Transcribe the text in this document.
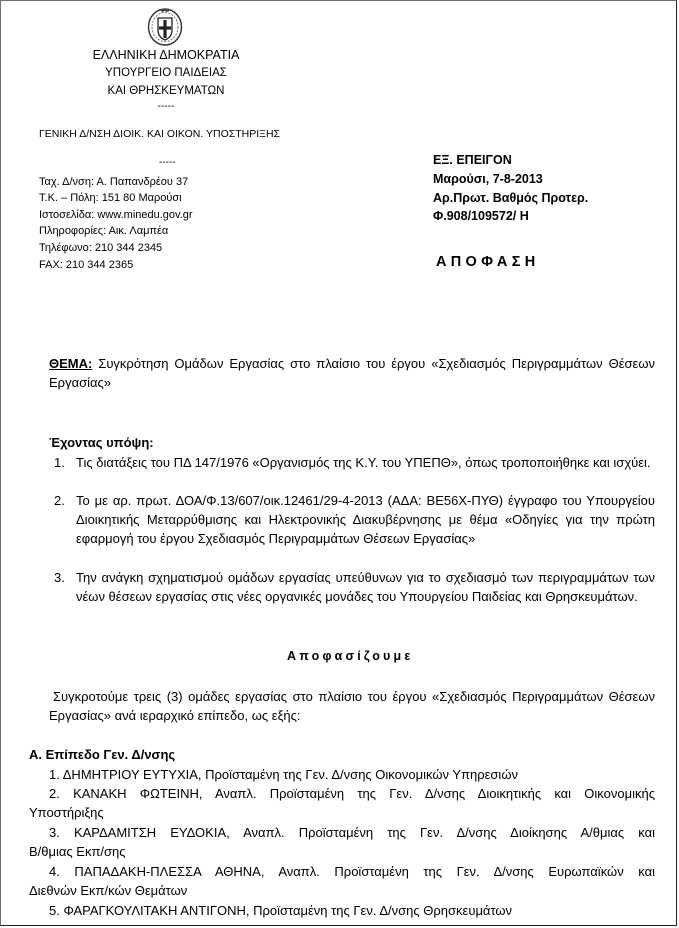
ΕΛΛΗΝΙΚΗ ΔΗΜΟΚΡΑΤΙΑ
ΥΠΟΥΡΓΕΙΟ ΠΑΙΔΕΙΑΣ
ΚΑΙ ΘΡΗΣΚΕΥΜΑΤΩΝ
-----
ΓΕΝΙΚΗ Δ/ΝΣΗ ΔΙΟΙΚ. ΚΑΙ ΟΙΚΟΝ. ΥΠΟΣΤΗΡΙΞΗΣ
-----
Ταχ. Δ/νση: Α. Παπανδρέου 37
Τ.Κ. – Πόλη: 151 80 Μαρούσι
Ιστοσελίδα: www.minedu.gov.gr
Πληροφορίες: Αικ. Λαμπέα
Τηλέφωνο: 210 344 2345
FAX: 210 344 2365
ΕΞ. ΕΠΕΙΓΟΝ
Μαρούσι, 7-8-2013
Αρ.Πρωτ. Βαθμός Προτερ.
Φ.908/109572/ Η
ΑΠΟΦΑΣΗ
ΘΕΜΑ: Συγκρότηση Ομάδων Εργασίας στο πλαίσιο του έργου «Σχεδιασμός Περιγραμμάτων Θέσεων Εργασίας»
Έχοντας υπόψη:
1. Τις διατάξεις του ΠΔ 147/1976 «Οργανισμός της Κ.Υ. του ΥΠΕΠΘ», όπως τροποποιήθηκε και ισχύει.
2. Το με αρ. πρωτ. ΔΟΑ/Φ.13/607/οικ.12461/29-4-2013 (ΑΔΑ: ΒΕ56Χ-ΠΥΘ) έγγραφο του Υπουργείου Διοικητικής Μεταρρύθμισης και Ηλεκτρονικής Διακυβέρνησης με θέμα «Οδηγίες για την πρώτη εφαρμογή του έργου Σχεδιασμός Περιγραμμάτων Θέσεων Εργασίας»
3. Την ανάγκη σχηματισμού ομάδων εργασίας υπεύθυνων για το σχεδιασμό των περιγραμμάτων των νέων θέσεων εργασίας στις νέες οργανικές μονάδες του Υπουργείου Παιδείας και Θρησκευμάτων.
Αποφασίζουμε
Συγκροτούμε τρεις (3) ομάδες εργασίας στο πλαίσιο του έργου «Σχεδιασμός Περιγραμμάτων Θέσεων Εργασίας» ανά ιεραρχικό επίπεδο, ως εξής:
Α. Επίπεδο Γεν. Δ/νσης
1. ΔΗΜΗΤΡΙΟΥ ΕΥΤΥΧΙΑ, Προϊσταμένη της Γεν. Δ/νσης Οικονομικών Υπηρεσιών
2. ΚΑΝΑΚΗ ΦΩΤΕΙΝΗ, Αναπλ. Προϊσταμένη της Γεν. Δ/νσης Διοικητικής και Οικονομικής
Υποστήριξης
3. ΚΑΡΔΑΜΙΤΣΗ ΕΥΔΟΚΙΑ, Αναπλ. Προϊσταμένη της Γεν. Δ/νσης Διοίκησης Α/θμιας και
Β/θμιας Εκπ/σης
4. ΠΑΠΑΔΑΚΗ-ΠΛΕΣΣΑ ΑΘΗΝΑ, Αναπλ. Προϊσταμένη της Γεν. Δ/νσης Ευρωπαϊκών και
Διεθνών Εκπ/κών Θεμάτων
5. ΦΑΡΑΓΚΟΥΛΙΤΑΚΗ ΑΝΤΙΓΟΝΗ, Προϊσταμένη της Γεν. Δ/νσης Θρησκευμάτων
